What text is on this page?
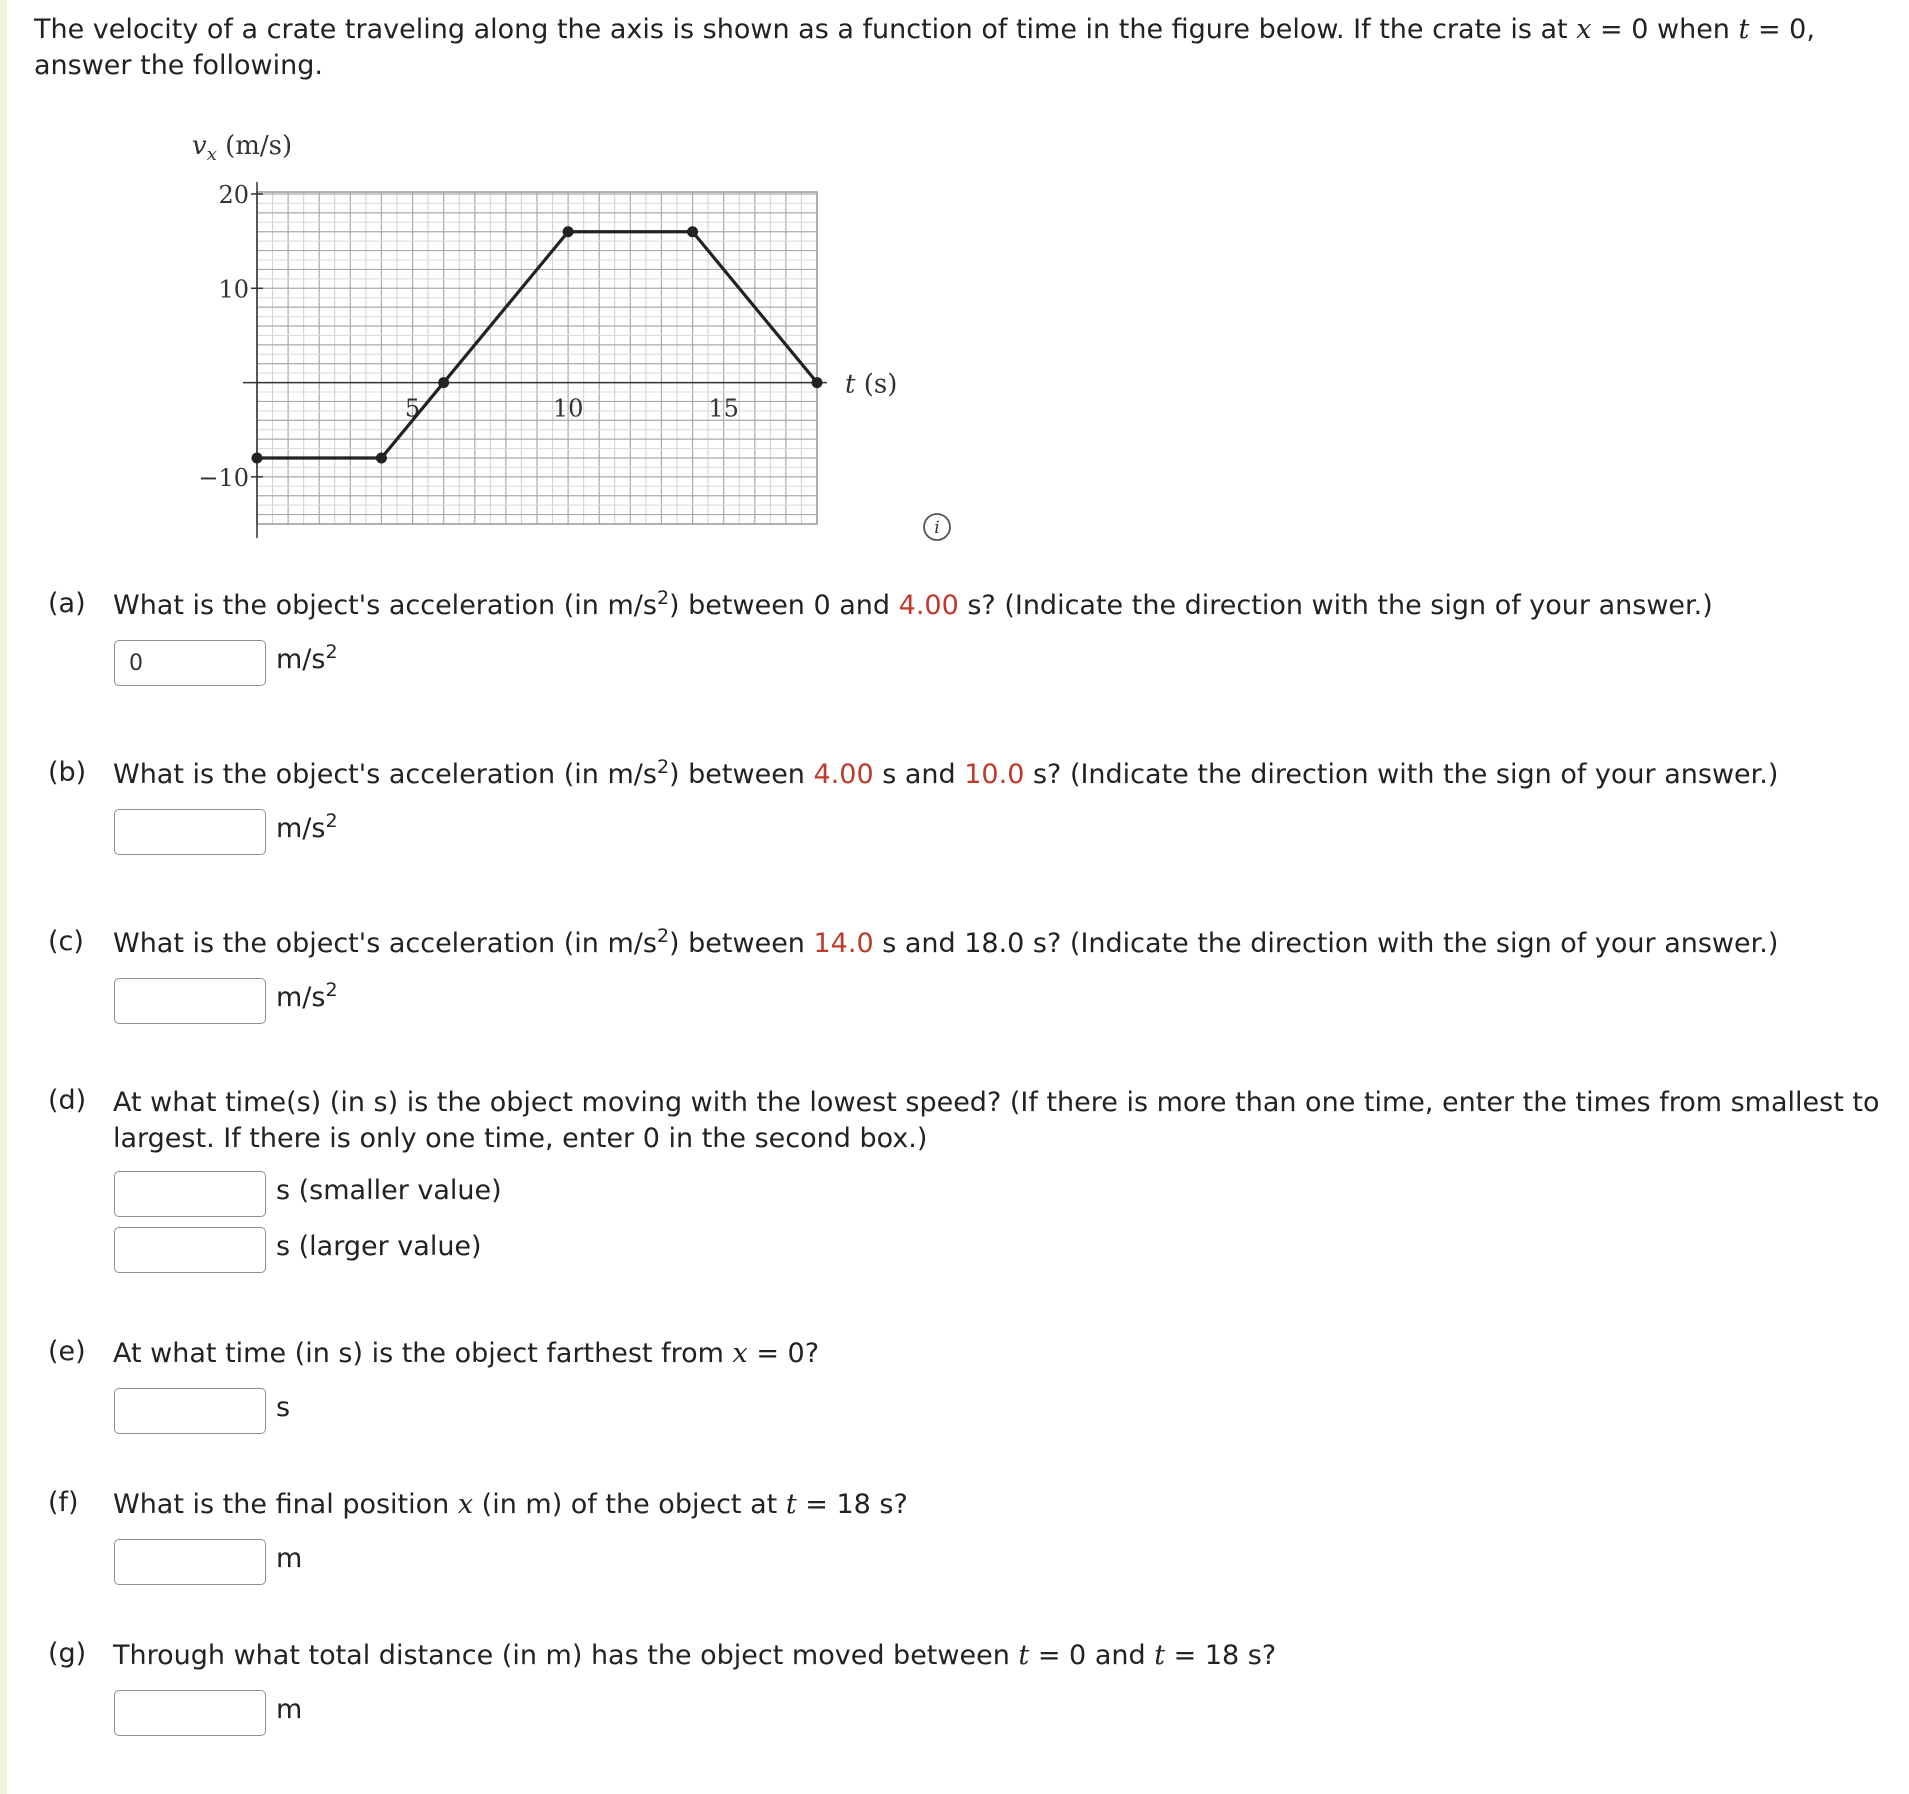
The velocity of a crate traveling along the axis is shown as a function of time in the figure below. If the crate is at x = 0 when t = 0, answer the following.
20
10
−10
5	10	15
$v_x$ (m/s)
t (s)
i
(a) What is the object's acceleration (in $m/s^2$) between 0 and 4.00 s? (Indicate the direction with the sign of your answer.)
0
$m/s^2$
(b) What is the object's acceleration (in $m/s^2$) between 4.00 s and 10.0 s? (Indicate the direction with the sign of your answer.)
$m/s^2$
(c) What is the object's acceleration (in $m/s^2$) between 14.0 s and 18.0 s? (Indicate the direction with the sign of your answer.)
$m/s^2$
(d) At what time(s) (in s) is the object moving with the lowest speed? (If there is more than one time, enter the times from smallest to largest. If there is only one time, enter 0 in the second box.)
s (smaller value)
s (larger value)
(e) At what time (in s) is the object farthest from x = 0?
s
(f) What is the final position x (in m) of the object at t = 18 s?
m
(g) Through what total distance (in m) has the object moved between t = 0 and t = 18 s?
m
